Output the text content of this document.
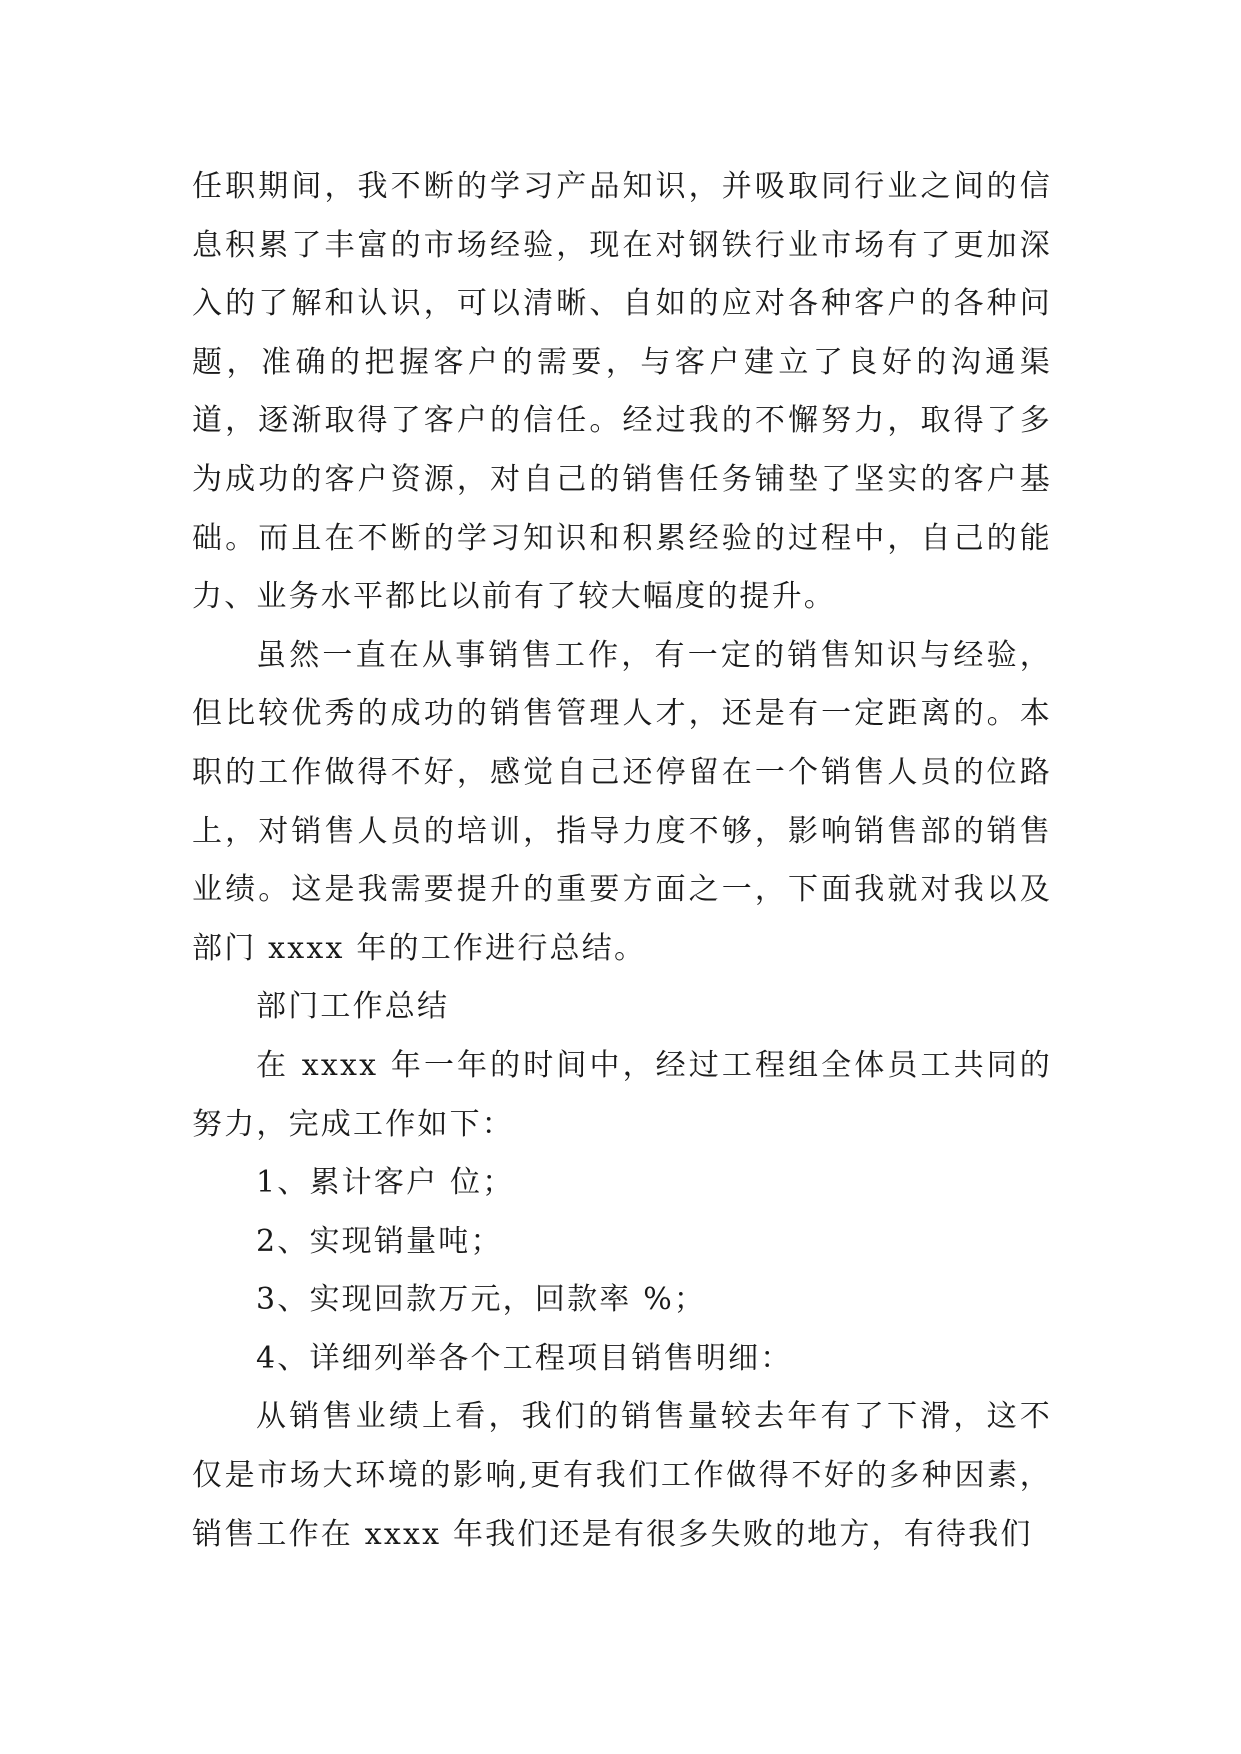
任职期间，我不断的学习产品知识，并吸取同行业之间的信息积累了丰富的市场经验，现在对钢铁行业市场有了更加深入的了解和认识，可以清晰、自如的应对各种客户的各种问题，准确的把握客户的需要，与客户建立了良好的沟通渠道，逐渐取得了客户的信任。经过我的不懈努力，取得了多为成功的客户资源，对自己的销售任务铺垫了坚实的客户基础。而且在不断的学习知识和积累经验的过程中，自己的能力、业务水平都比以前有了较大幅度的提升。

虽然一直在从事销售工作，有一定的销售知识与经验，但比较优秀的成功的销售管理人才，还是有一定距离的。本职的工作做得不好，感觉自己还停留在一个销售人员的位路上，对销售人员的培训，指导力度不够，影响销售部的销售业绩。这是我需要提升的重要方面之一，下面我就对我以及部门 xxxx 年的工作进行总结。

部门工作总结

在 xxxx 年一年的时间中，经过工程组全体员工共同的努力，完成工作如下：

1、累计客户 位；

2、实现销量吨；

3、实现回款万元，回款率 %；

4、详细列举各个工程项目销售明细：

从销售业绩上看，我们的销售量较去年有了下滑，这不仅是市场大环境的影响,更有我们工作做得不好的多种因素，销售工作在 xxxx 年我们还是有很多失败的地方，有待我们
